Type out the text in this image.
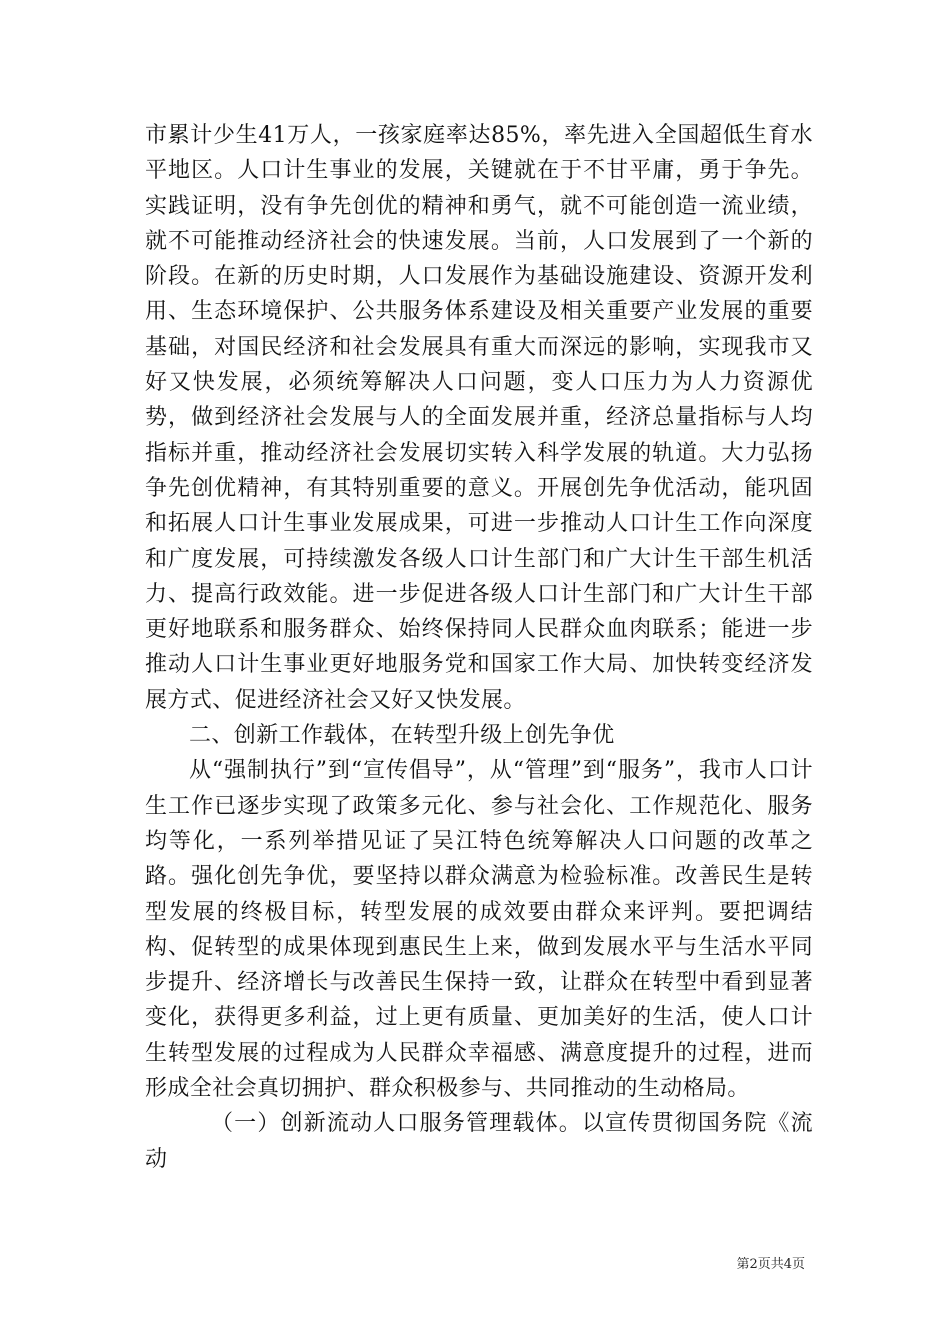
市累计少生41万人，一孩家庭率达85%，率先进入全国超低生育水平地区。人口计生事业的发展，关键就在于不甘平庸，勇于争先。实践证明，没有争先创优的精神和勇气，就不可能创造一流业绩，就不可能推动经济社会的快速发展。当前，人口发展到了一个新的阶段。在新的历史时期，人口发展作为基础设施建设、资源开发利用、生态环境保护、公共服务体系建设及相关重要产业发展的重要基础，对国民经济和社会发展具有重大而深远的影响，实现我市又好又快发展，必须统筹解决人口问题，变人口压力为人力资源优势，做到经济社会发展与人的全面发展并重，经济总量指标与人均指标并重，推动经济社会发展切实转入科学发展的轨道。大力弘扬争先创优精神，有其特别重要的意义。开展创先争优活动，能巩固和拓展人口计生事业发展成果，可进一步推动人口计生工作向深度和广度发展，可持续激发各级人口计生部门和广大计生干部生机活力、提高行政效能。进一步促进各级人口计生部门和广大计生干部更好地联系和服务群众、始终保持同人民群众血肉联系；能进一步推动人口计生事业更好地服务党和国家工作大局、加快转变经济发展方式、促进经济社会又好又快发展。

二、创新工作载体，在转型升级上创先争优

从“强制执行”到“宣传倡导”，从“管理”到“服务”，我市人口计生工作已逐步实现了政策多元化、参与社会化、工作规范化、服务均等化，一系列举措见证了吴江特色统筹解决人口问题的改革之路。强化创先争优，要坚持以群众满意为检验标准。改善民生是转型发展的终极目标，转型发展的成效要由群众来评判。要把调结构、促转型的成果体现到惠民生上来，做到发展水平与生活水平同步提升、经济增长与改善民生保持一致，让群众在转型中看到显著变化，获得更多利益，过上更有质量、更加美好的生活，使人口计生转型发展的过程成为人民群众幸福感、满意度提升的过程，进而形成全社会真切拥护、群众积极参与、共同推动的生动格局。

（一）创新流动人口服务管理载体。以宣传贯彻国务院《流动

第2页共4页
